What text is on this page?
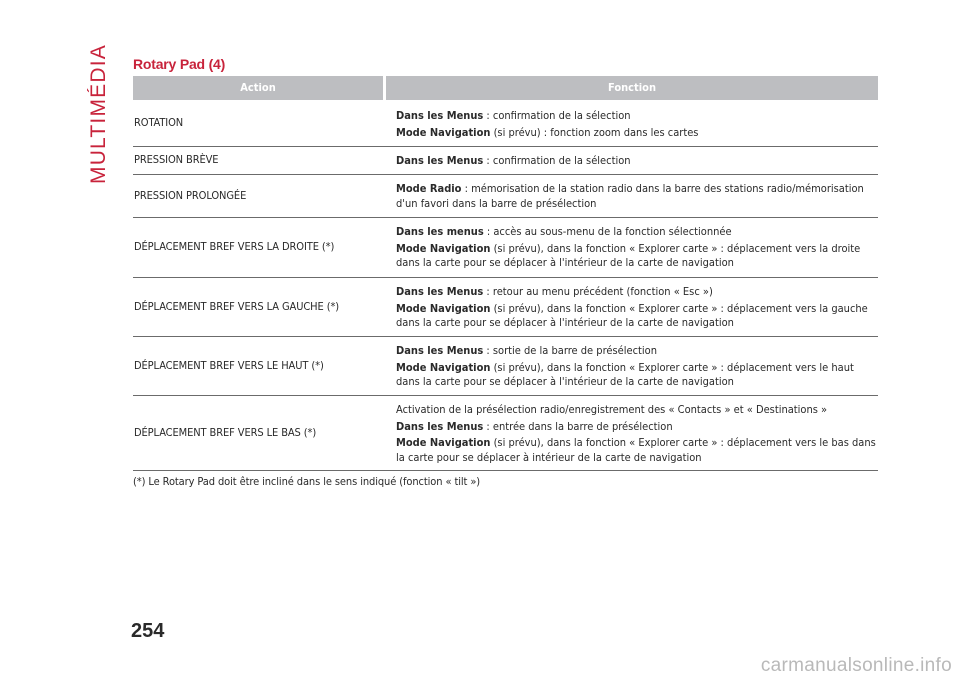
MULTIMÉDIA Rotary Pad (4)
Action	Fonction
ROTATION

Dans les Menus : confirmation de la sélection

Mode Navigation (si prévu) : fonction zoom dans les cartes

PRESSION BRÈVE	Dans les Menus : confirmation de la sélection

PRESSION PROLONGÉE

Mode Radio : mémorisation de la station radio dans la barre des stations radio/mémorisation d'un favori dans la barre de présélection

DÉPLACEMENT BREF VERS LA DROITE (*)

Dans les menus : accès au sous-menu de la fonction sélectionnée

Mode Navigation (si prévu), dans la fonction « Explorer carte » : déplacement vers la droite dans la carte pour se déplacer à l'intérieur de la carte de navigation

DÉPLACEMENT BREF VERS LA GAUCHE (*)

Dans les Menus : retour au menu précédent (fonction « Esc »)

Mode Navigation (si prévu), dans la fonction « Explorer carte » : déplacement vers la gauche dans la carte pour se déplacer à l'intérieur de la carte de navigation

DÉPLACEMENT BREF VERS LE HAUT (*)

Dans les Menus : sortie de la barre de présélection

Mode Navigation (si prévu), dans la fonction « Explorer carte » : déplacement vers le haut dans la carte pour se déplacer à l'intérieur de la carte de navigation

DÉPLACEMENT BREF VERS LE BAS (*)

Activation de la présélection radio/enregistrement des « Contacts » et « Destinations »

Dans les Menus : entrée dans la barre de présélection

Mode Navigation (si prévu), dans la fonction « Explorer carte » : déplacement vers le bas dans la carte pour se déplacer à intérieur de la carte de navigation

(*) Le Rotary Pad doit être incliné dans le sens indiqué (fonction « tilt »)
254
carmanualsonline.info
